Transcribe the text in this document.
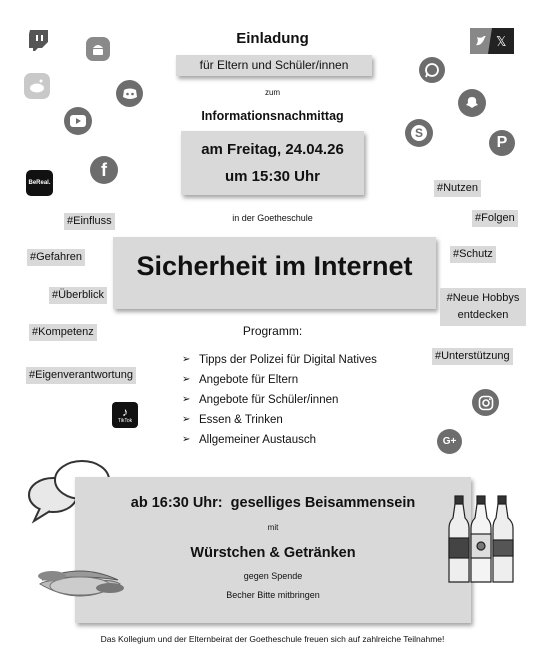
Einladung
für Eltern und Schüler/innen
zum
Informationsnachmittag
am Freitag, 24.04.26
um 15:30 Uhr
in der Goetheschule
Sicherheit im Internet
Programm:
➢ Tipps der Polizei für Digital Natives
➢ Angebote für Eltern
➢ Angebote für Schüler/innen
➢ Essen & Trinken
➢ Allgemeiner Austausch
#Einfluss
#Gefahren
#Überblick
#Kompetenz
#Eigenverantwortung
#Nutzen
#Folgen
#Schutz
#Neue Hobbys entdecken
#Unterstützung
f
BeReal.
♪
TikTok
𝕏
S
P
G+
ab 16:30 Uhr:  geselliges Beisammensein
mit
Würstchen & Getränken
gegen Spende
Becher Bitte mitbringen
Das Kollegium und der Elternbeirat der Goetheschule freuen sich auf zahlreiche Teilnahme!
